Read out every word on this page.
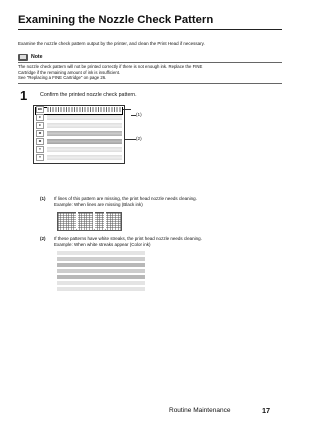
Examining the Nozzle Check Pattern
Examine the nozzle check pattern output by the printer, and clean the Print Head if necessary.
Note
The nozzle check pattern will not be printed correctly if there is not enough ink. Replace the FINE
Cartridge if the remaining amount of ink is insufficient.
See "Replacing a FINE Cartridge" on page 26.
1 Confirm the printed nozzle check pattern.
BK
C
C
M
M
Y
Y
(1)
(2)
(1) If lines of this pattern are missing, the print head nozzle needs cleaning.
Example: When lines are missing (Black ink)
(2) If these patterns have white streaks, the print head nozzle needs cleaning.
Example: When white streaks appear (Color ink)
Routine Maintenance	17
